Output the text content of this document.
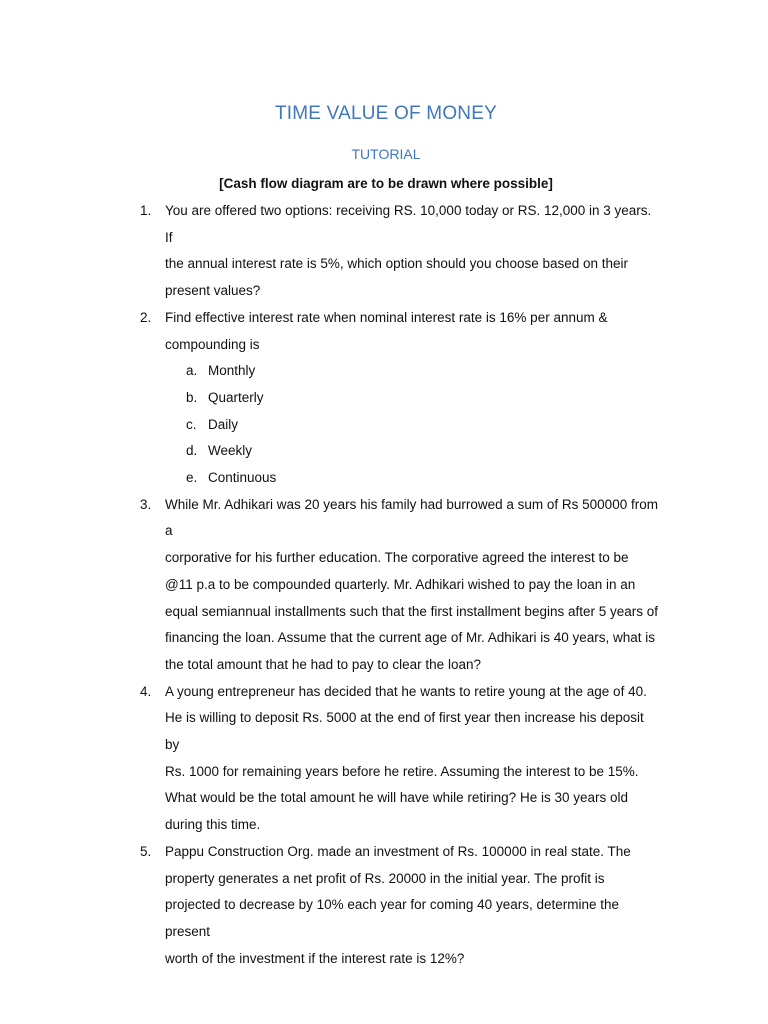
TIME VALUE OF MONEY
TUTORIAL
[Cash flow diagram are to be drawn where possible]
1.	You are offered two options: receiving RS. 10,000 today or RS. 12,000 in 3 years. If
the annual interest rate is 5%, which option should you choose based on their
present values?
2.	Find effective interest rate when nominal interest rate is 16% per annum &
compounding is
a. Monthly
b. Quarterly
c. Daily
d. Weekly
e. Continuous
3.	While Mr. Adhikari was 20 years his family had burrowed a sum of Rs 500000 from a
corporative for his further education. The corporative agreed the interest to be
@11 p.a to be compounded quarterly. Mr. Adhikari wished to pay the loan in an
equal semiannual installments such that the first installment begins after 5 years of
financing the loan. Assume that the current age of Mr. Adhikari is 40 years, what is
the total amount that he had to pay to clear the loan?
4.	A young entrepreneur has decided that he wants to retire young at the age of 40.
He is willing to deposit Rs. 5000 at the end of first year then increase his deposit by
Rs. 1000 for remaining years before he retire. Assuming the interest to be 15%.
What would be the total amount he will have while retiring? He is 30 years old
during this time.
5.	Pappu Construction Org. made an investment of Rs. 100000 in real state. The
property generates a net profit of Rs. 20000 in the initial year. The profit is
projected to decrease by 10% each year for coming 40 years, determine the present
worth of the investment if the interest rate is 12%?
